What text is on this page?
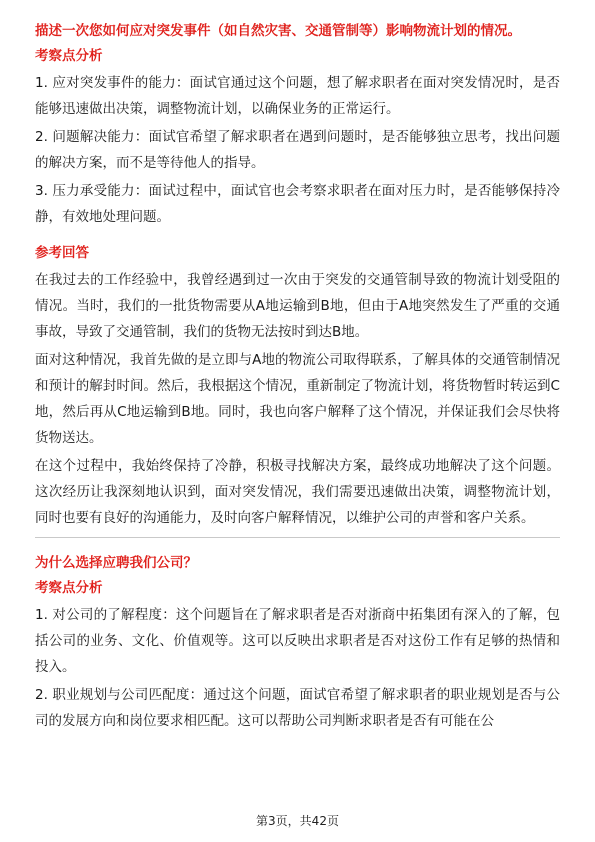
描述一次您如何应对突发事件（如自然灾害、交通管制等）影响物流计划的情况。
考察点分析
1. 应对突发事件的能力：面试官通过这个问题，想了解求职者在面对突发情况时，是否能够迅速做出决策，调整物流计划，以确保业务的正常运行。
2. 问题解决能力：面试官希望了解求职者在遇到问题时，是否能够独立思考，找出问题的解决方案，而不是等待他人的指导。
3. 压力承受能力：面试过程中，面试官也会考察求职者在面对压力时，是否能够保持冷静，有效地处理问题。
参考回答
在我过去的工作经验中，我曾经遇到过一次由于突发的交通管制导致的物流计划受阻的情况。当时，我们的一批货物需要从A地运输到B地，但由于A地突然发生了严重的交通事故，导致了交通管制，我们的货物无法按时到达B地。
面对这种情况，我首先做的是立即与A地的物流公司取得联系，了解具体的交通管制情况和预计的解封时间。然后，我根据这个情况，重新制定了物流计划，将货物暂时转运到C地，然后再从C地运输到B地。同时，我也向客户解释了这个情况，并保证我们会尽快将货物送达。
在这个过程中，我始终保持了冷静，积极寻找解决方案，最终成功地解决了这个问题。这次经历让我深刻地认识到，面对突发情况，我们需要迅速做出决策，调整物流计划，同时也要有良好的沟通能力，及时向客户解释情况，以维护公司的声誉和客户关系。
为什么选择应聘我们公司？
考察点分析
1. 对公司的了解程度：这个问题旨在了解求职者是否对浙商中拓集团有深入的了解，包括公司的业务、文化、价值观等。这可以反映出求职者是否对这份工作有足够的热情和投入。
2. 职业规划与公司匹配度：通过这个问题，面试官希望了解求职者的职业规划是否与公司的发展方向和岗位要求相匹配。这可以帮助公司判断求职者是否有可能在公
第3页，共42页
